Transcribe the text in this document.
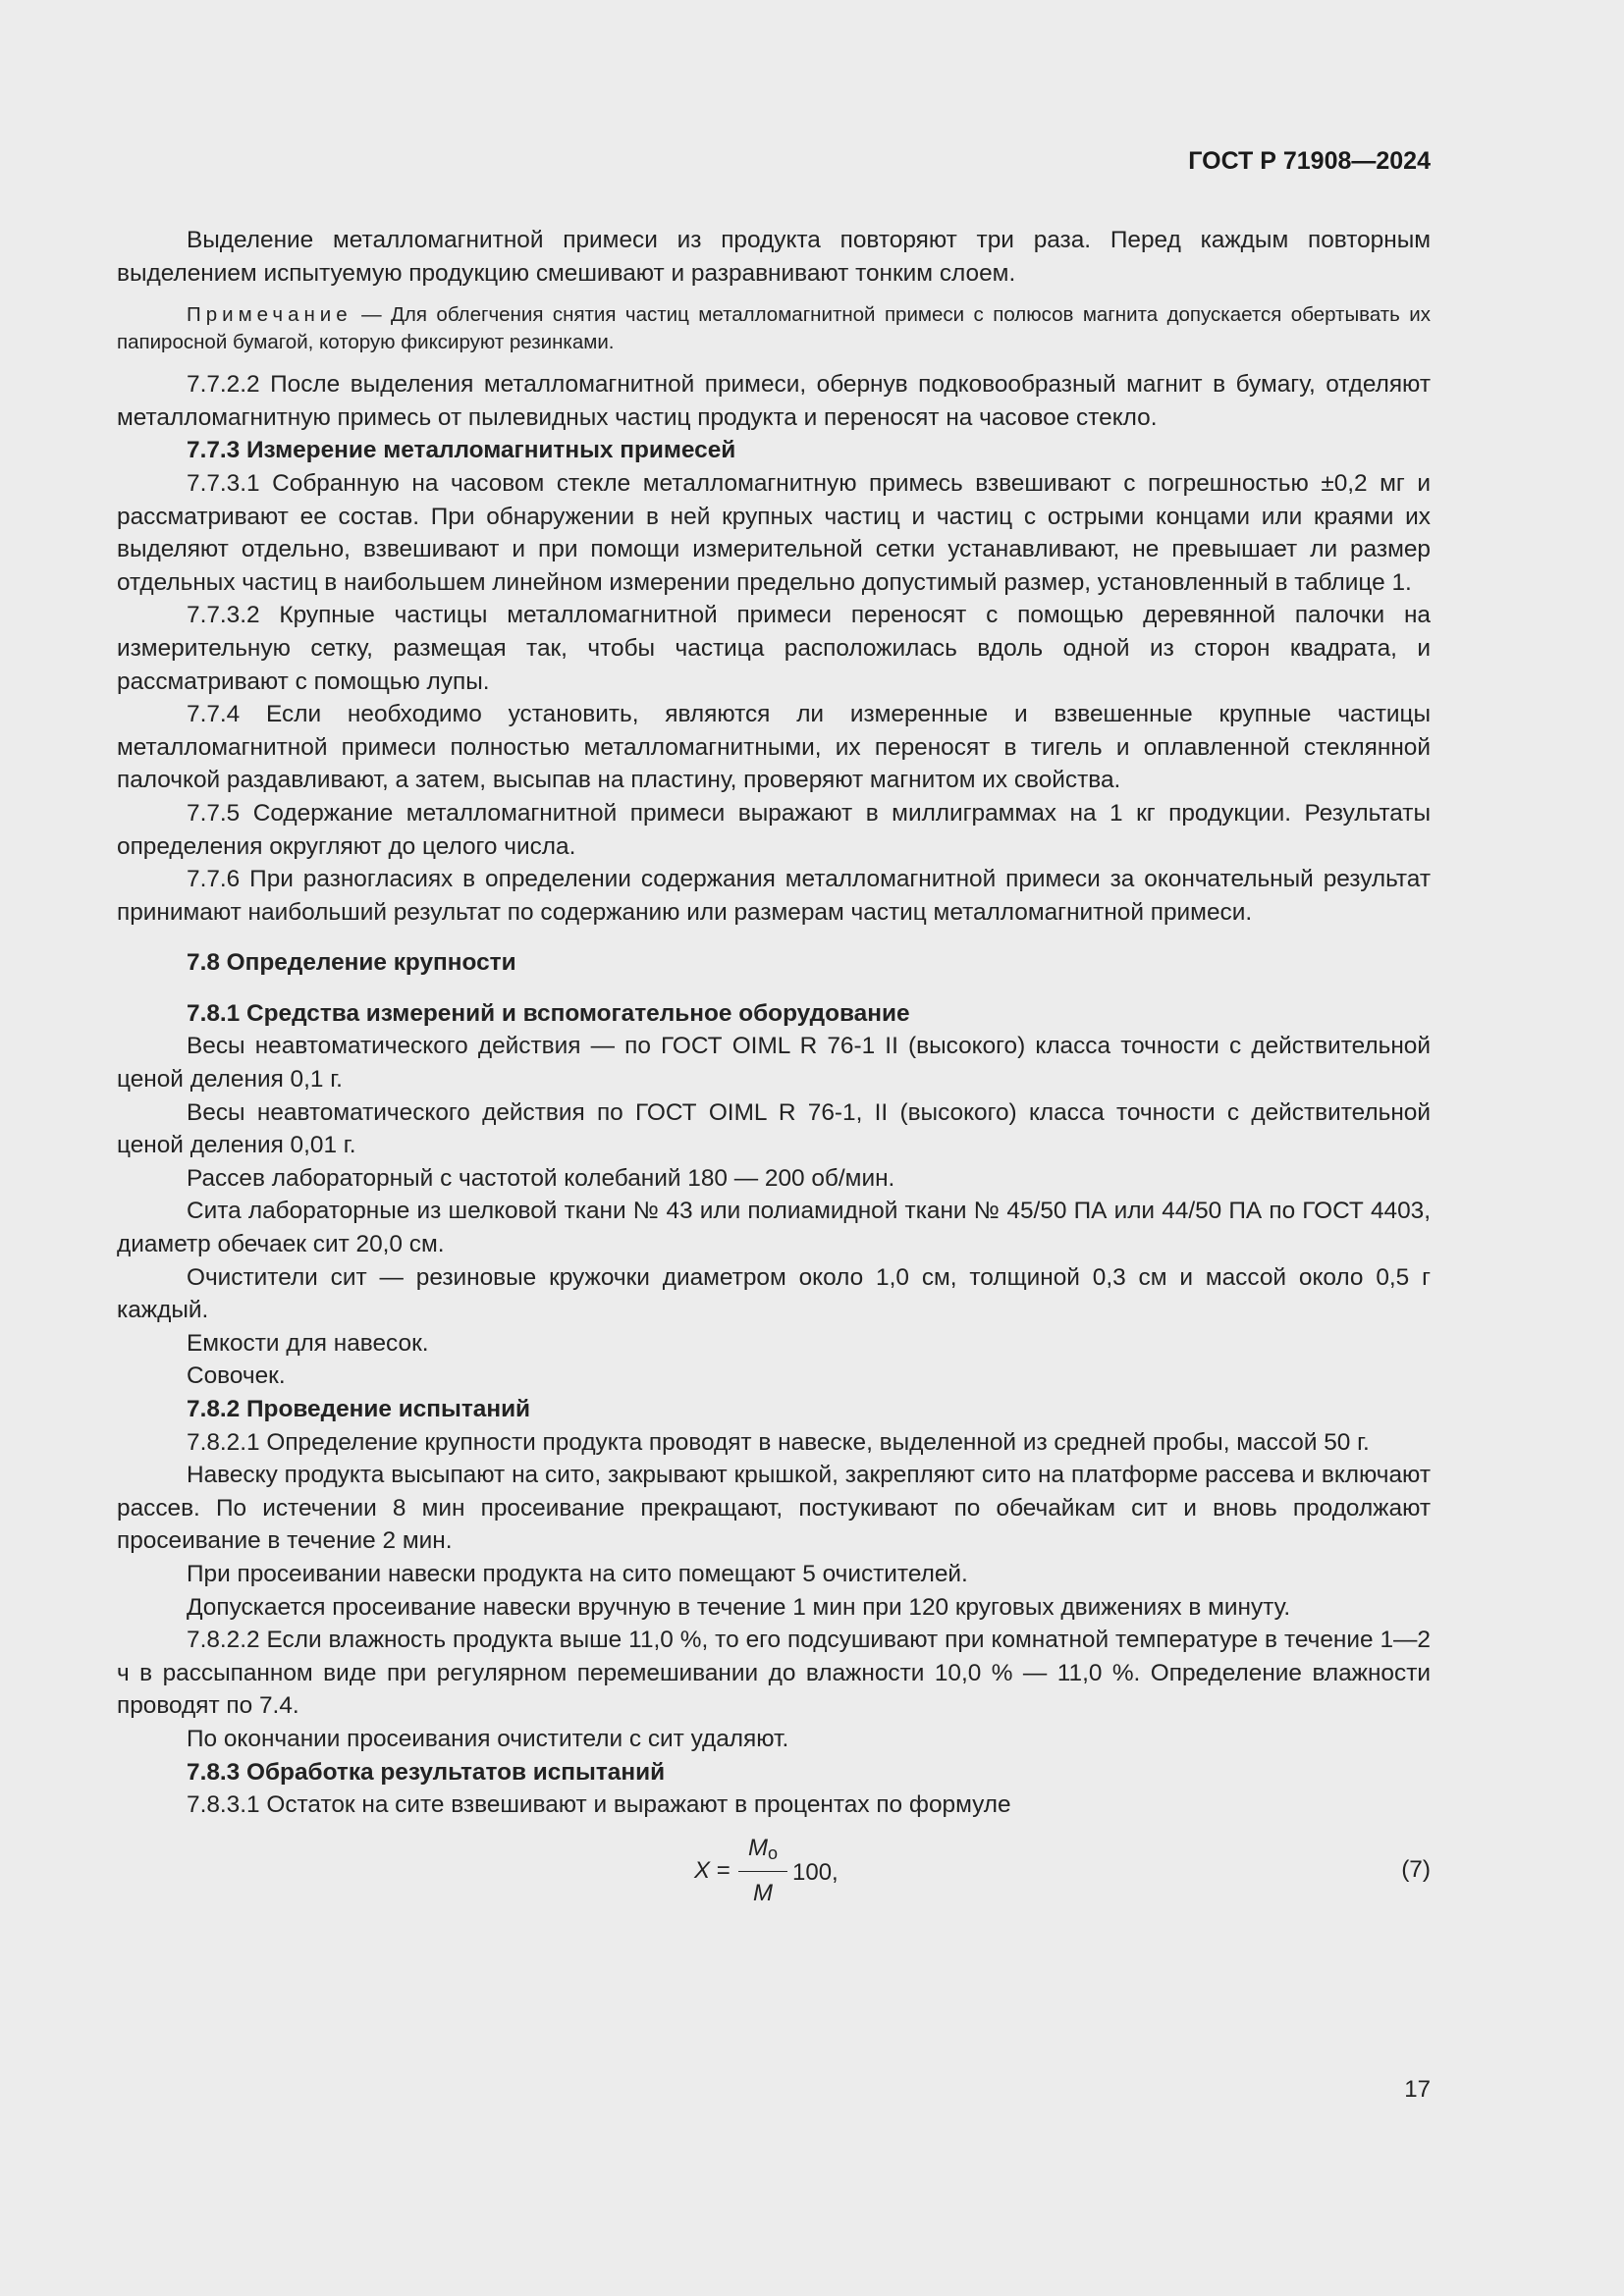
ГОСТ Р 71908—2024

Выделение металломагнитной примеси из продукта повторяют три раза. Перед каждым повторным выделением испытуемую продукцию смешивают и разравнивают тонким слоем.

Примечание — Для облегчения снятия частиц металломагнитной примеси с полюсов магнита допускается обертывать их папиросной бумагой, которую фиксируют резинками.

7.7.2.2 После выделения металломагнитной примеси, обернув подковообразный магнит в бумагу, отделяют металломагнитную примесь от пылевидных частиц продукта и переносят на часовое стекло.

7.7.3 Измерение металломагнитных примесей

7.7.3.1 Собранную на часовом стекле металломагнитную примесь взвешивают с погрешностью ±0,2 мг и рассматривают ее состав. При обнаружении в ней крупных частиц и частиц с острыми концами или краями их выделяют отдельно, взвешивают и при помощи измерительной сетки устанавливают, не превышает ли размер отдельных частиц в наибольшем линейном измерении предельно допустимый размер, установленный в таблице 1.

7.7.3.2 Крупные частицы металломагнитной примеси переносят с помощью деревянной палочки на измерительную сетку, размещая так, чтобы частица расположилась вдоль одной из сторон квадрата, и рассматривают с помощью лупы.

7.7.4 Если необходимо установить, являются ли измеренные и взвешенные крупные частицы металломагнитной примеси полностью металломагнитными, их переносят в тигель и оплавленной стеклянной палочкой раздавливают, а затем, высыпав на пластину, проверяют магнитом их свойства.

7.7.5 Содержание металломагнитной примеси выражают в миллиграммах на 1 кг продукции. Результаты определения округляют до целого числа.

7.7.6 При разногласиях в определении содержания металломагнитной примеси за окончательный результат принимают наибольший результат по содержанию или размерам частиц металломагнитной примеси.

7.8 Определение крупности

7.8.1 Средства измерений и вспомогательное оборудование

Весы неавтоматического действия — по ГОСТ OIML R 76-1 II (высокого) класса точности с действительной ценой деления 0,1 г.

Весы неавтоматического действия по ГОСТ OIML R 76-1, II (высокого) класса точности с действительной ценой деления 0,01 г.

Рассев лабораторный с частотой колебаний 180 — 200 об/мин.

Сита лабораторные из шелковой ткани № 43 или полиамидной ткани № 45/50 ПА или 44/50 ПА по ГОСТ 4403, диаметр обечаек сит 20,0 см.

Очистители сит — резиновые кружочки диаметром около 1,0 см, толщиной 0,3 см и массой около 0,5 г каждый.

Емкости для навесок.

Совочек.

7.8.2 Проведение испытаний

7.8.2.1 Определение крупности продукта проводят в навеске, выделенной из средней пробы, массой 50 г.

Навеску продукта высыпают на сито, закрывают крышкой, закрепляют сито на платформе рассева и включают рассев. По истечении 8 мин просеивание прекращают, постукивают по обечайкам сит и вновь продолжают просеивание в течение 2 мин.

При просеивании навески продукта на сито помещают 5 очистителей.

Допускается просеивание навески вручную в течение 1 мин при 120 круговых движениях в минуту.

7.8.2.2 Если влажность продукта выше 11,0 %, то его подсушивают при комнатной температуре в течение 1—2 ч в рассыпанном виде при регулярном перемешивании до влажности 10,0 % — 11,0 %. Определение влажности проводят по 7.4.

По окончании просеивания очистители с сит удаляют.

7.8.3 Обработка результатов испытаний

7.8.3.1 Остаток на сите взвешивают и выражают в процентах по формуле

X =
$M_o$
M
100,	(7)
17
